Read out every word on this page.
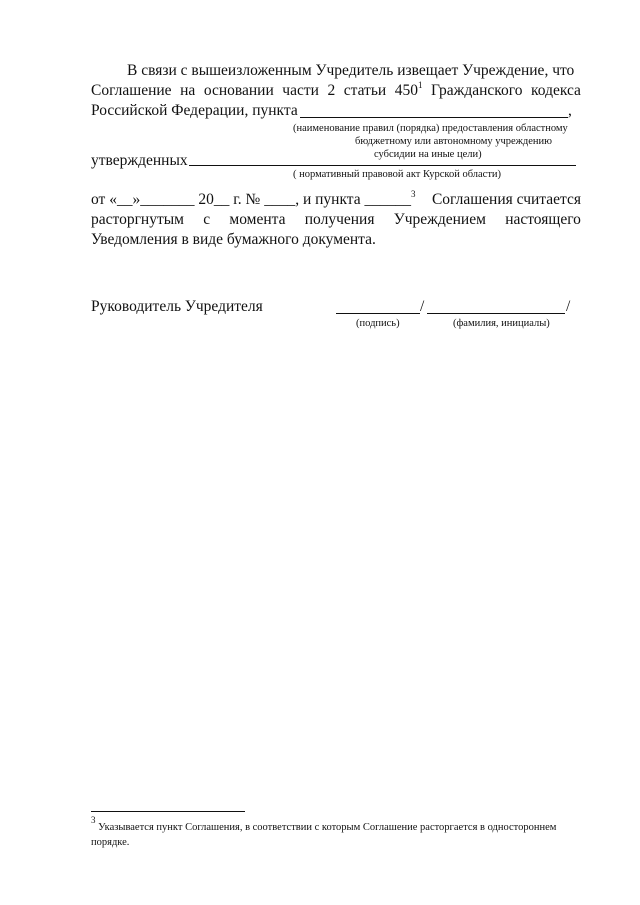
В связи с вышеизложенным Учредитель извещает Учреждение, что
Соглашение на основании части 2 статьи $450^1$ Гражданского кодекса
Российской Федерации, пункта	,
(наименование правил (порядка) предоставления областному
бюджетному или автономному учреждению
субсидии на иные цели)
утвержденных
( нормативный правовой акт Курской области)
от «__»_______ 20__ г. № ____, и пункта ______$^3$ Соглашения считается
расторгнутым с момента получения Учреждением настоящего
Уведомления в виде бумажного документа.
Руководитель Учредителя	/	/
(подпись)	(фамилия, инициалы)
$^3$ Указывается пункт Соглашения, в соответствии с которым Соглашение расторгается в одностороннем порядке.
